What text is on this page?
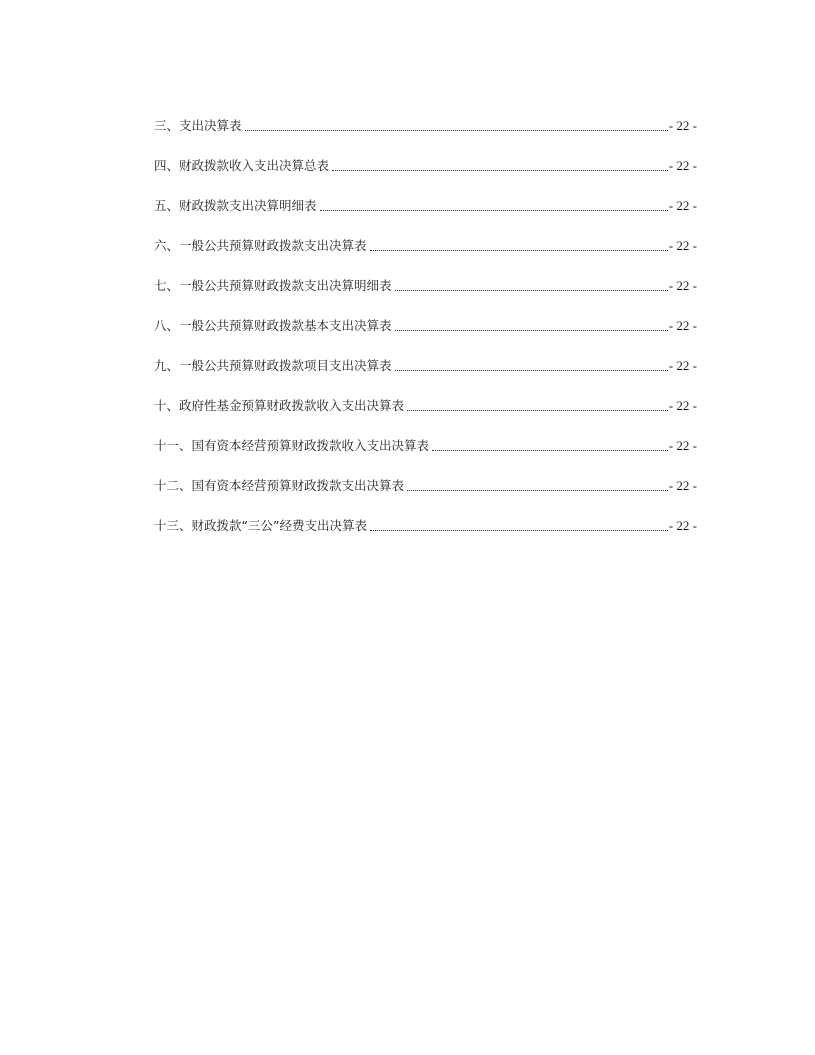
三、支出决算表	- 22 -
四、财政拨款收入支出决算总表	- 22 -
五、财政拨款支出决算明细表	- 22 -
六、一般公共预算财政拨款支出决算表	- 22 -
七、一般公共预算财政拨款支出决算明细表	- 22 -
八、一般公共预算财政拨款基本支出决算表	- 22 -
九、一般公共预算财政拨款项目支出决算表	- 22 -
十、政府性基金预算财政拨款收入支出决算表	- 22 -
十一、国有资本经营预算财政拨款收入支出决算表	- 22 -
十二、国有资本经营预算财政拨款支出决算表	- 22 -
十三、财政拨款“三公”经费支出决算表	- 22 -
